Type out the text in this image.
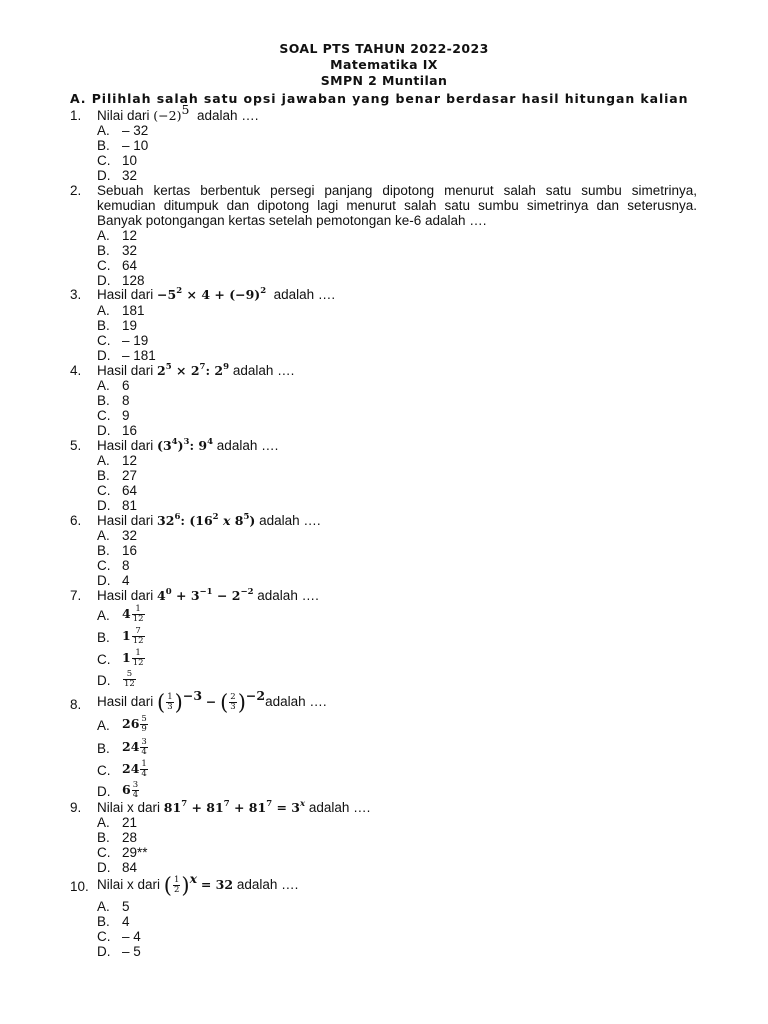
SOAL PTS TAHUN 2022-2023
Matematika IX
SMPN 2 Muntilan
A. Pilihlah salah satu opsi jawaban yang benar berdasar hasil hitungan kalian
1. Nilai dari $(-2)^5$ adalah ….
A. – 32
B. – 10
C. 10
D. 32
2. Sebuah kertas berbentuk persegi panjang dipotong menurut salah satu sumbu simetrinya,
kemudian ditumpuk dan dipotong lagi menurut salah satu sumbu simetrinya dan seterusnya.
Banyak potongangan kertas setelah pemotongan ke-6 adalah ….
A. 12
B. 32
C. 64
D. 128
3. Hasil dari $-5^2 \times 4 + (-9)^2$ adalah ….
A. 181
B. 19
C. – 19
D. – 181
4. Hasil dari $2^5 \times 2^7$: $2^9$ adalah ….
A. 6
B. 8
C. 9
D. 16
5. Hasil dari $(3^4)^3$: $9^4$ adalah ….
A. 12
B. 27
C. 64
D. 81
6. Hasil dari $32^6$: ($16^2$ x $8^5$) adalah ….
A. 32
B. 16
C. 8
D. 4
7. Hasil dari $4^0 + 3^{-1} - 2^{-2}$ adalah ….
A. $4 \frac{1}{12}$
B. $1 \frac{7}{12}$
C. $1 \frac{1}{12}$
D. $\frac{5}{12}$
8. Hasil dari ( $\frac{1}{3} )^{-3}$ − ( $\frac{2}{3}$ )$^{-2}$adalah ….
A. $26 \frac{5}{9}$
B. $24 \frac{3}{4}$
C. $24 \frac{1}{4}$
D. $6 \frac{3}{4}$
9. Nilai x dari $81^7 + 81^7 + 81^7 = 3^x$ adalah ….
A. 21
B. 28
C. 29**
D. 84
10. Nilai x dari ( $\frac{1}{2} )^x = 32$ adalah ….
A. 5
B. 4
C. – 4
D. – 5
